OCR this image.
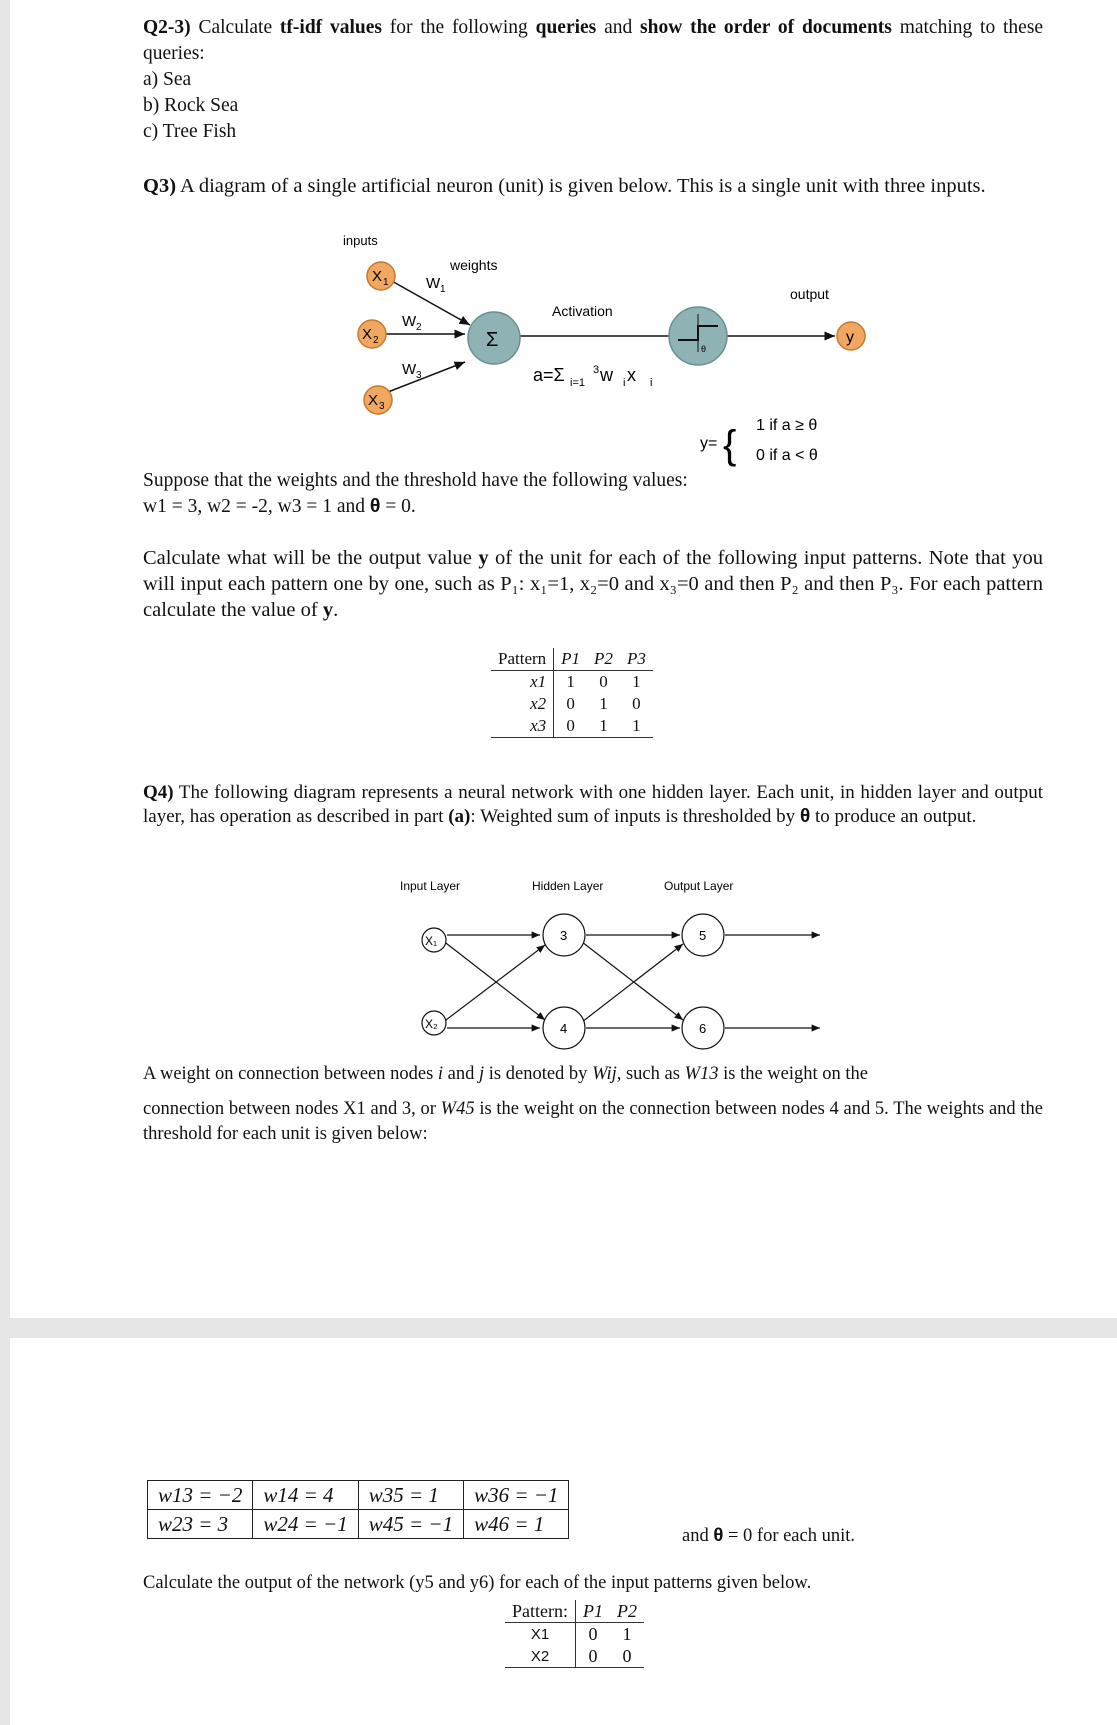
Q2-3) Calculate tf-idf values for the following queries and show the order of documents matching to these queries:
a) Sea
b) Rock Sea
c) Tree Fish
Q3) A diagram of a single artificial neuron (unit) is given below. This is a single unit with three inputs.
inputs
weights
Activation
output
X 1
X 2
X 3
W 1
W 2
W 3
Σ	θ
y
a=Σ i=1
3 w i x i
y= { 1 if a ≥ θ
0 if a < θ
Suppose that the weights and the threshold have the following values:
w1 = 3, w2 = -2, w3 = 1 and θ = 0.
Calculate what will be the output value y of the unit for each of the following input patterns. Note that you will input each pattern one by one, such as P₁: x₁=1, x₂=0 and x₃=0 and then P₂ and then P₃. For each pattern calculate the value of y.
Pattern	P1	P2	P3
x1	1	0	1
x2	0	1	0
x3	0	1	1
Q4) The following diagram represents a neural network with one hidden layer. Each unit, in hidden layer and output layer, has operation as described in part (a): Weighted sum of inputs is thresholded by θ to produce an output.
Input Layer	Hidden Layer	Output Layer
X₁
X₂
3
4
5
6
A weight on connection between nodes i and j is denoted by Wij, such as W13 is the weight on the
connection between nodes X1 and 3, or W45 is the weight on the connection between nodes 4 and 5. The weights and the threshold for each unit is given below:
w13 = −2	w14 = 4	w35 = 1	w36 = −1
w23 = 3	w24 = −1	w45 = −1	w46 = 1
and θ = 0 for each unit.
Calculate the output of the network (y5 and y6) for each of the input patterns given below.
Pattern:	P1	P2
X1	0	1
X2	0	0
